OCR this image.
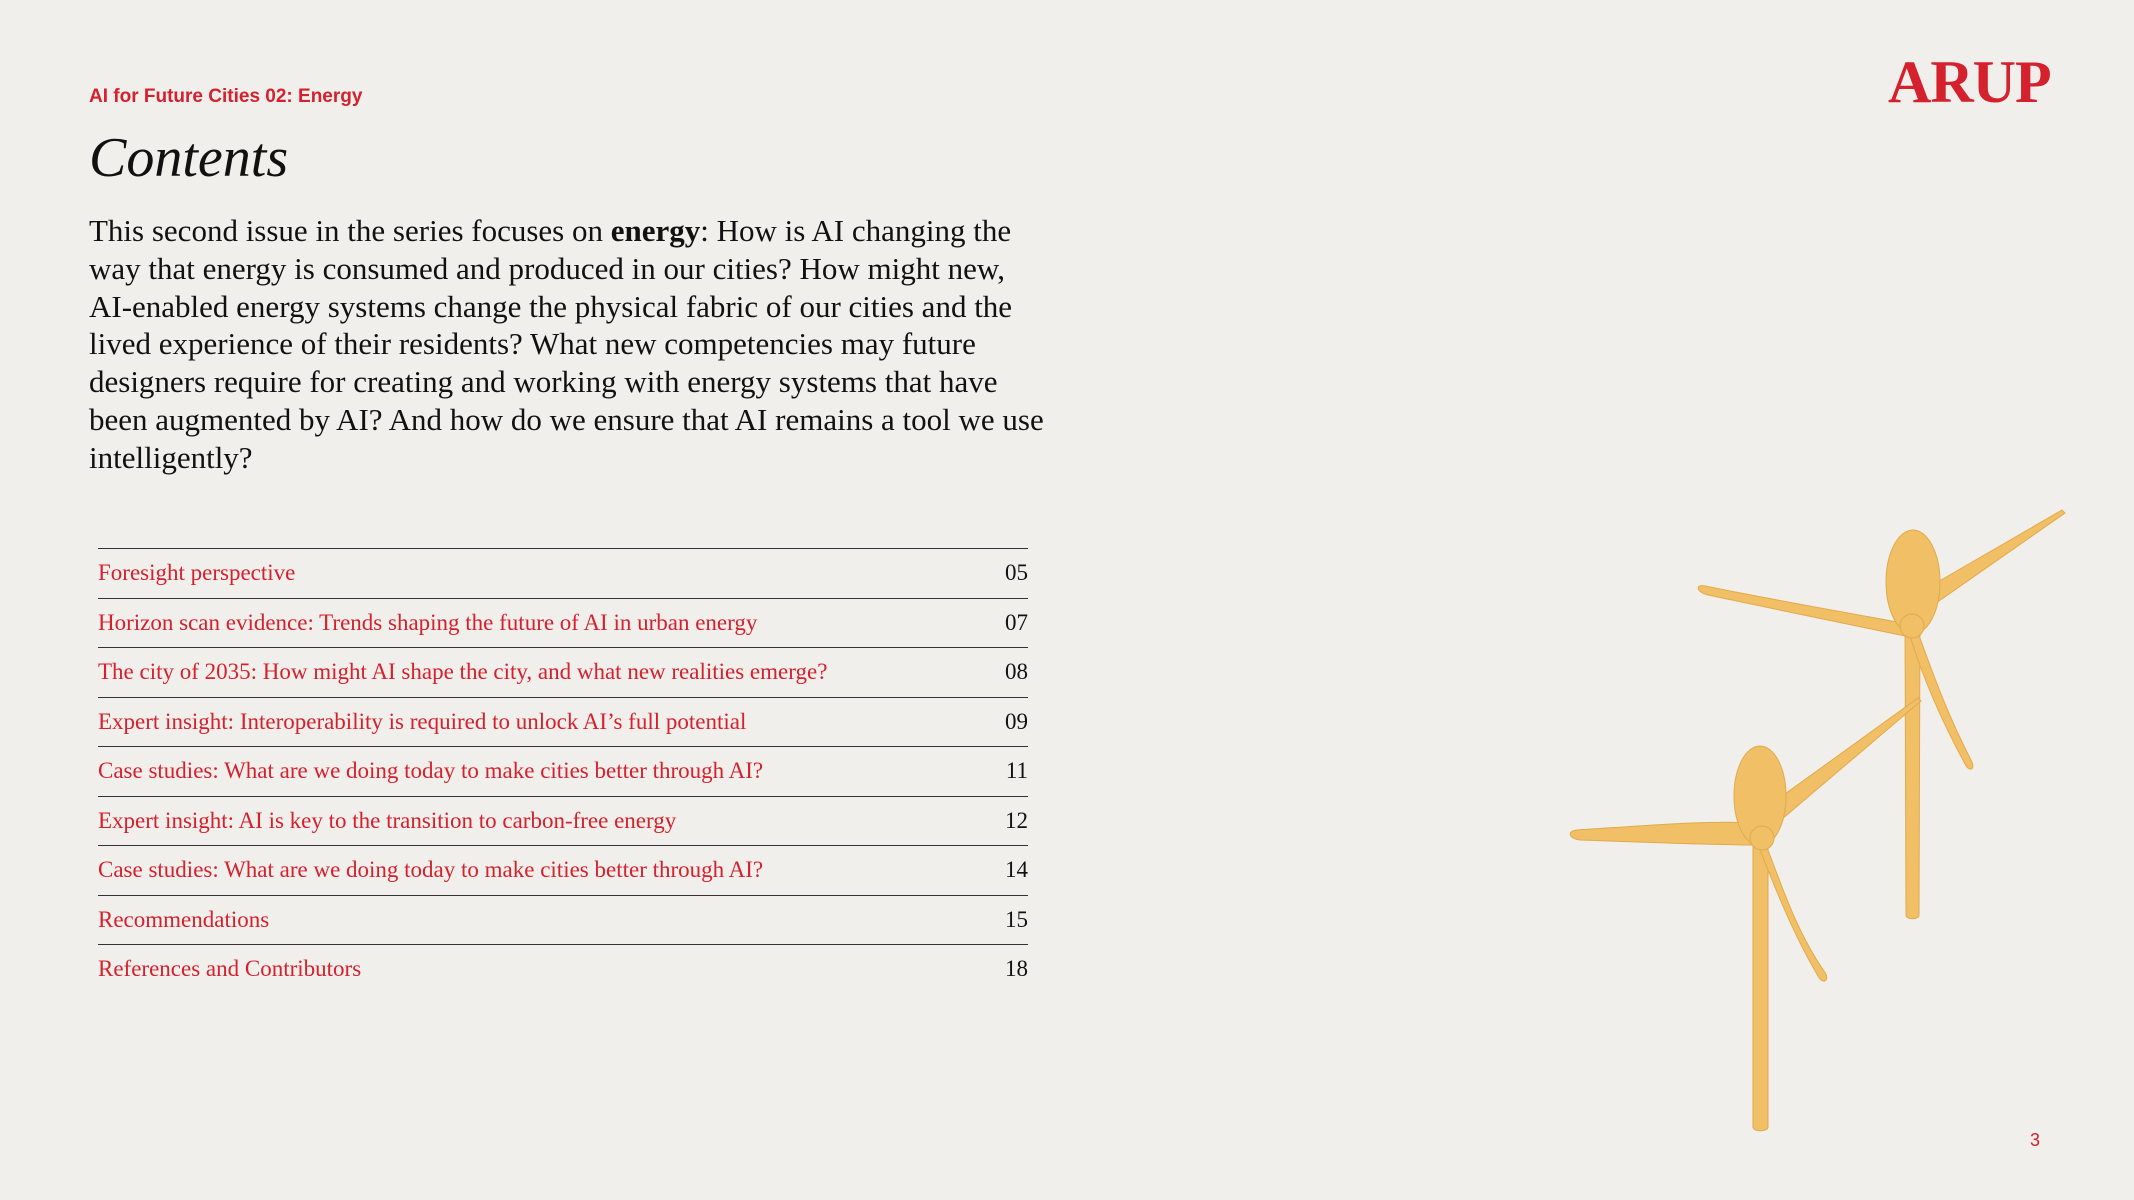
AI for Future Cities 02: Energy	ARUP

Contents

This second issue in the series focuses on energy: How is AI changing the way that energy is consumed and produced in our cities? How might new, AI-enabled energy systems change the physical fabric of our cities and the lived experience of their residents? What new competencies may future designers require for creating and working with energy systems that have been augmented by AI? And how do we ensure that AI remains a tool we use intelligently?

Foresight perspective	05
Horizon scan evidence: Trends shaping the future of AI in urban energy	07
The city of 2035: How might AI shape the city, and what new realities emerge?	08
Expert insight: Interoperability is required to unlock AI’s full potential	09
Case studies: What are we doing today to make cities better through AI?	11
Expert insight: AI is key to the transition to carbon-free energy	12
Case studies: What are we doing today to make cities better through AI?	14
Recommendations	15
References and Contributors	18

3
